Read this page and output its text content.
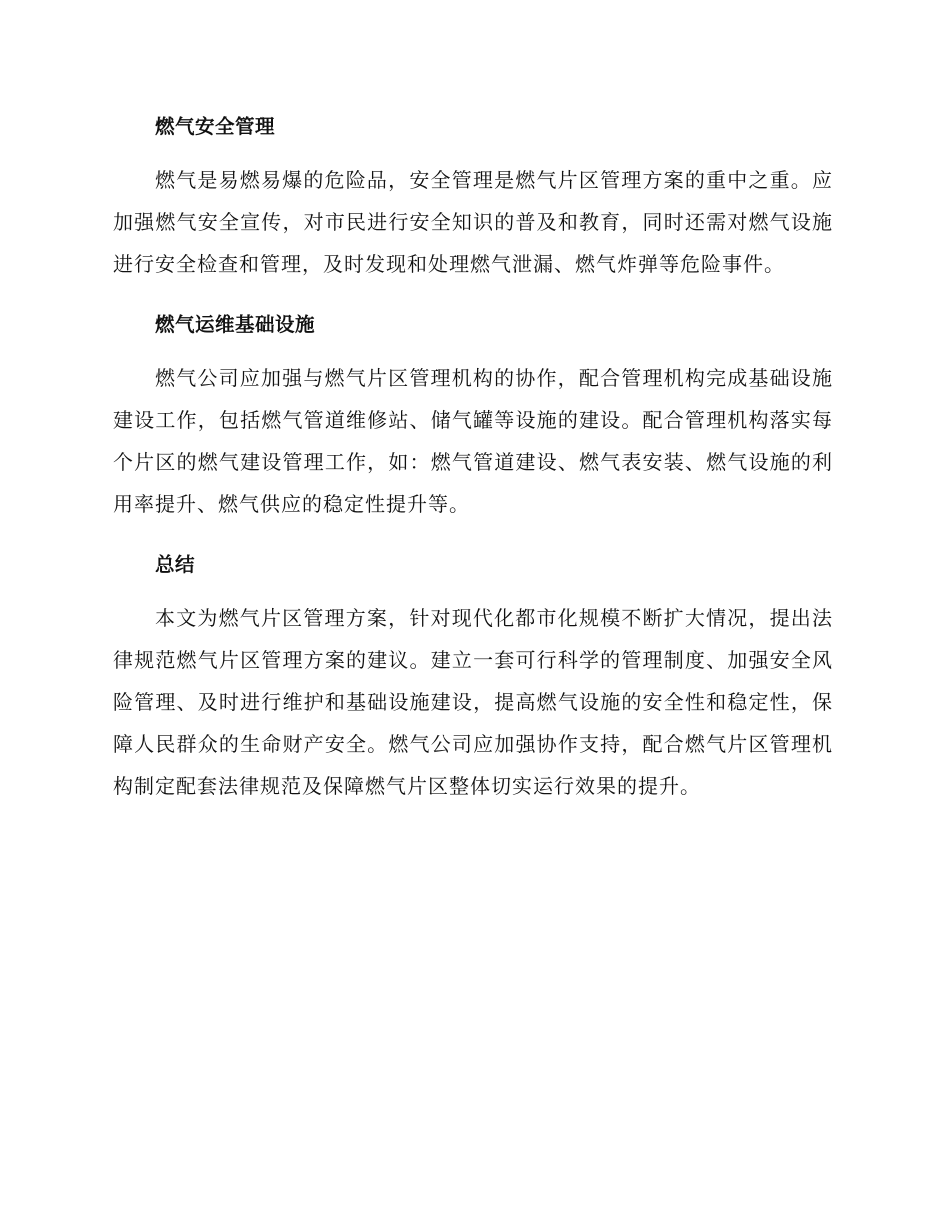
燃气安全管理

燃气是易燃易爆的危险品，安全管理是燃气片区管理方案的重中之重。应加强燃气安全宣传，对市民进行安全知识的普及和教育，同时还需对燃气设施进行安全检查和管理，及时发现和处理燃气泄漏、燃气炸弹等危险事件。

燃气运维基础设施

燃气公司应加强与燃气片区管理机构的协作，配合管理机构完成基础设施建设工作，包括燃气管道维修站、储气罐等设施的建设。配合管理机构落实每个片区的燃气建设管理工作，如：燃气管道建设、燃气表安装、燃气设施的利用率提升、燃气供应的稳定性提升等。

总结

本文为燃气片区管理方案，针对现代化都市化规模不断扩大情况，提出法律规范燃气片区管理方案的建议。建立一套可行科学的管理制度、加强安全风险管理、及时进行维护和基础设施建设，提高燃气设施的安全性和稳定性，保障人民群众的生命财产安全。燃气公司应加强协作支持，配合燃气片区管理机构制定配套法律规范及保障燃气片区整体切实运行效果的提升。
